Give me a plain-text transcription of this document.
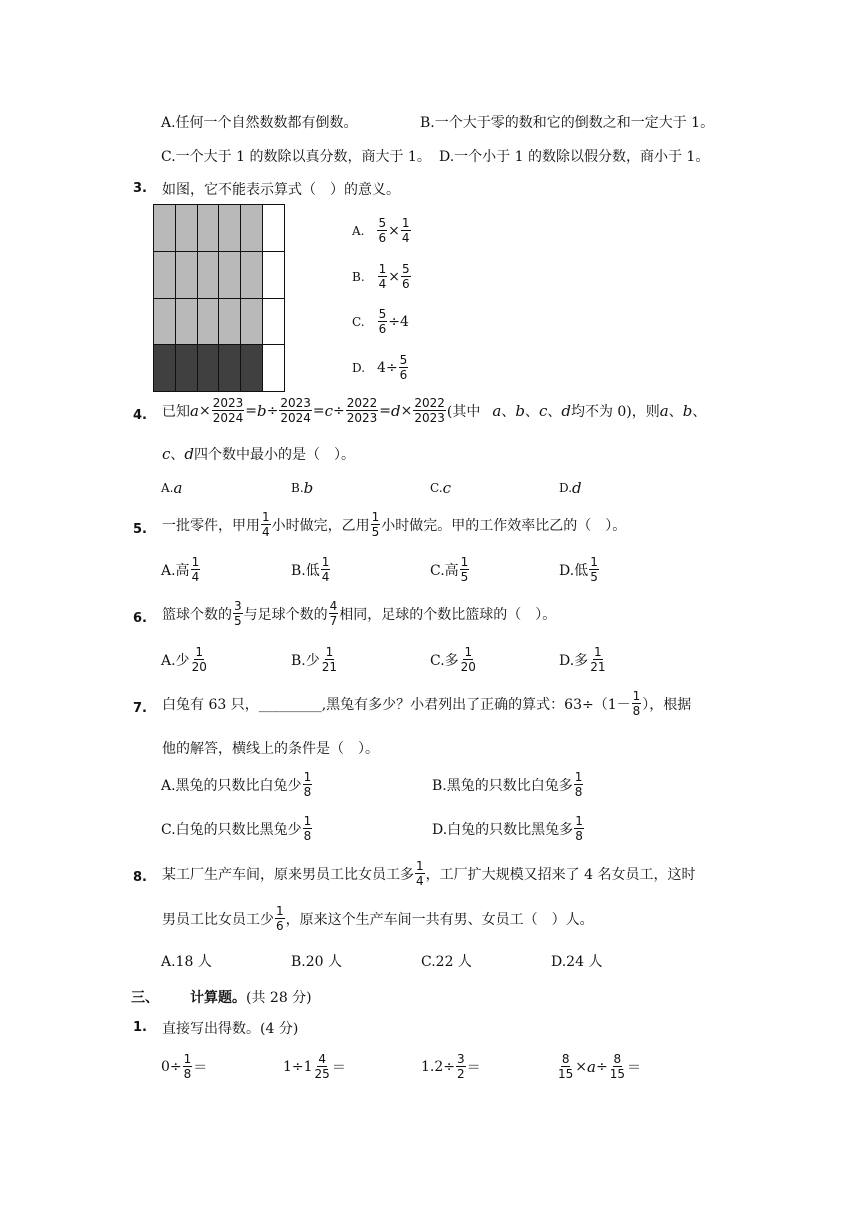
A.任何一个自然数数都有倒数。	B.一个大于零的数和它的倒数之和一定大于 1。
C.一个大于 1 的数除以真分数，商大于 1。 D.一个小于 1 的数除以假分数，商小于 1。
3. 如图，它不能表示算式（　）的意义。
A. $\frac{5}{6} \times \frac{1}{4}$
B. $\frac{1}{4} \times \frac{5}{6}$
C. $\frac{5}{6} \div 4$
D. $4 \div \frac{5}{6}$
4. 已知 $a \times \frac{2023}{2024} = b \div \frac{2023}{2024} = c \div \frac{2022}{2023} = d \times \frac{2022}{2023}$ (其中 a 、 b 、 c 、 d 均不为 0)，则 a 、 b 、
c 、 d 四个数中最小的是（　）。
A. a	B. b	C. c	D. d
5. 一批零件，甲用 $\frac{1}{4}$ 小时做完，乙用 $\frac{1}{5}$ 小时做完。甲的工作效率比乙的（　）。
A.高 $\frac{1}{4}$	B.低 $\frac{1}{4}$	C.高 $\frac{1}{5}$	D.低 $\frac{1}{5}$
6. 篮球个数的 $\frac{3}{5}$ 与足球个数的 $\frac{4}{7}$ 相同，足球的个数比篮球的（　）。
A.少 $\frac{1}{20}$	B.少 $\frac{1}{21}$	C.多 $\frac{1}{20}$	D.多 $\frac{1}{21}$
7. 白兔有 63 只，_________,黑兔有多少？小君列出了正确的算式：$63\div(1- \frac{1}{8}$ ），根据
他的解答，横线上的条件是（　）。
A.黑兔的只数比白兔少 $\frac{1}{8}$	B.黑兔的只数比白兔多 $\frac{1}{8}$
C.白兔的只数比黑兔少 $\frac{1}{8}$	D.白兔的只数比黑兔多 $\frac{1}{8}$
8. 某工厂生产车间，原来男员工比女员工多 $\frac{1}{4}$ ，工厂扩大规模又招来了 4 名女员工，这时
男员工比女员工少 $\frac{1}{6}$ ，原来这个生产车间一共有男、女员工（　）人。
A.18 人	B.20 人	C.22 人	D.24 人
三、 计算题。 (共 28 分)
1. 直接写出得数。(4 分)
$0\div \frac{1}{8}$ ＝	$1\div 1 \frac{4}{25}$ ＝	$1.2\div \frac{3}{2}$ ＝	$\frac{8}{15} \times a \div \frac{8}{15}$ ＝
